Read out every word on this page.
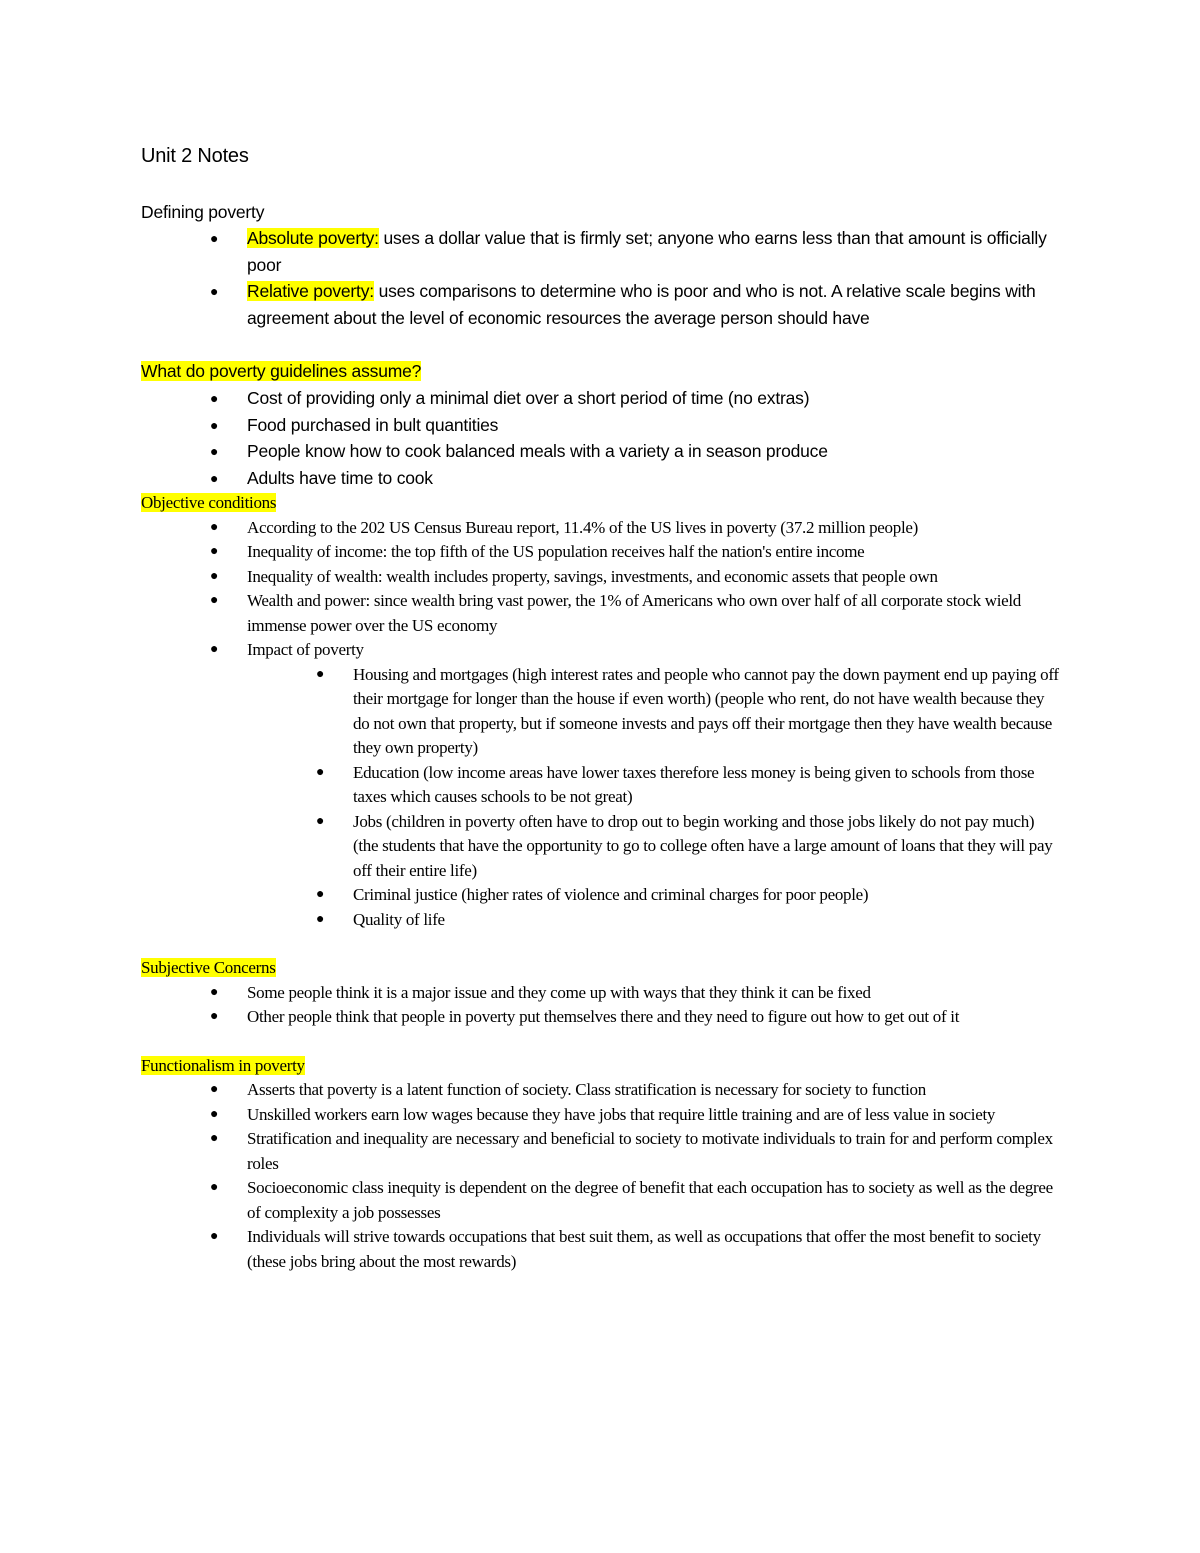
Unit 2 Notes

Defining poverty

● Absolute poverty: uses a dollar value that is firmly set; anyone who earns less than that amount is officially poor
● Relative poverty: uses comparisons to determine who is poor and who is not. A relative scale begins with agreement about the level of economic resources the average person should have

What do poverty guidelines assume?

● Cost of providing only a minimal diet over a short period of time (no extras)
● Food purchased in bult quantities
● People know how to cook balanced meals with a variety a in season produce
● Adults have time to cook

Objective conditions

● According to the 202 US Census Bureau report, 11.4% of the US lives in poverty (37.2 million people)
● Inequality of income: the top fifth of the US population receives half the nation's entire income
● Inequality of wealth: wealth includes property, savings, investments, and economic assets that people own
● Wealth and power: since wealth bring vast power, the 1% of Americans who own over half of all corporate stock wield immense power over the US economy
● Impact of poverty
● Housing and mortgages (high interest rates and people who cannot pay the down payment end up paying off their mortgage for longer than the house if even worth) (people who rent, do not have wealth because they do not own that property, but if someone invests and pays off their mortgage then they have wealth because they own property)
● Education (low income areas have lower taxes therefore less money is being given to schools from those taxes which causes schools to be not great)
● Jobs (children in poverty often have to drop out to begin working and those jobs likely do not pay much) (the students that have the opportunity to go to college often have a large amount of loans that they will pay off their entire life)
● Criminal justice (higher rates of violence and criminal charges for poor people)
● Quality of life

Subjective Concerns

● Some people think it is a major issue and they come up with ways that they think it can be fixed
● Other people think that people in poverty put themselves there and they need to figure out how to get out of it

Functionalism in poverty

● Asserts that poverty is a latent function of society. Class stratification is necessary for society to function
● Unskilled workers earn low wages because they have jobs that require little training and are of less value in society
● Stratification and inequality are necessary and beneficial to society to motivate individuals to train for and perform complex roles
● Socioeconomic class inequity is dependent on the degree of benefit that each occupation has to society as well as the degree of complexity a job possesses
● Individuals will strive towards occupations that best suit them, as well as occupations that offer the most benefit to society (these jobs bring about the most rewards)
